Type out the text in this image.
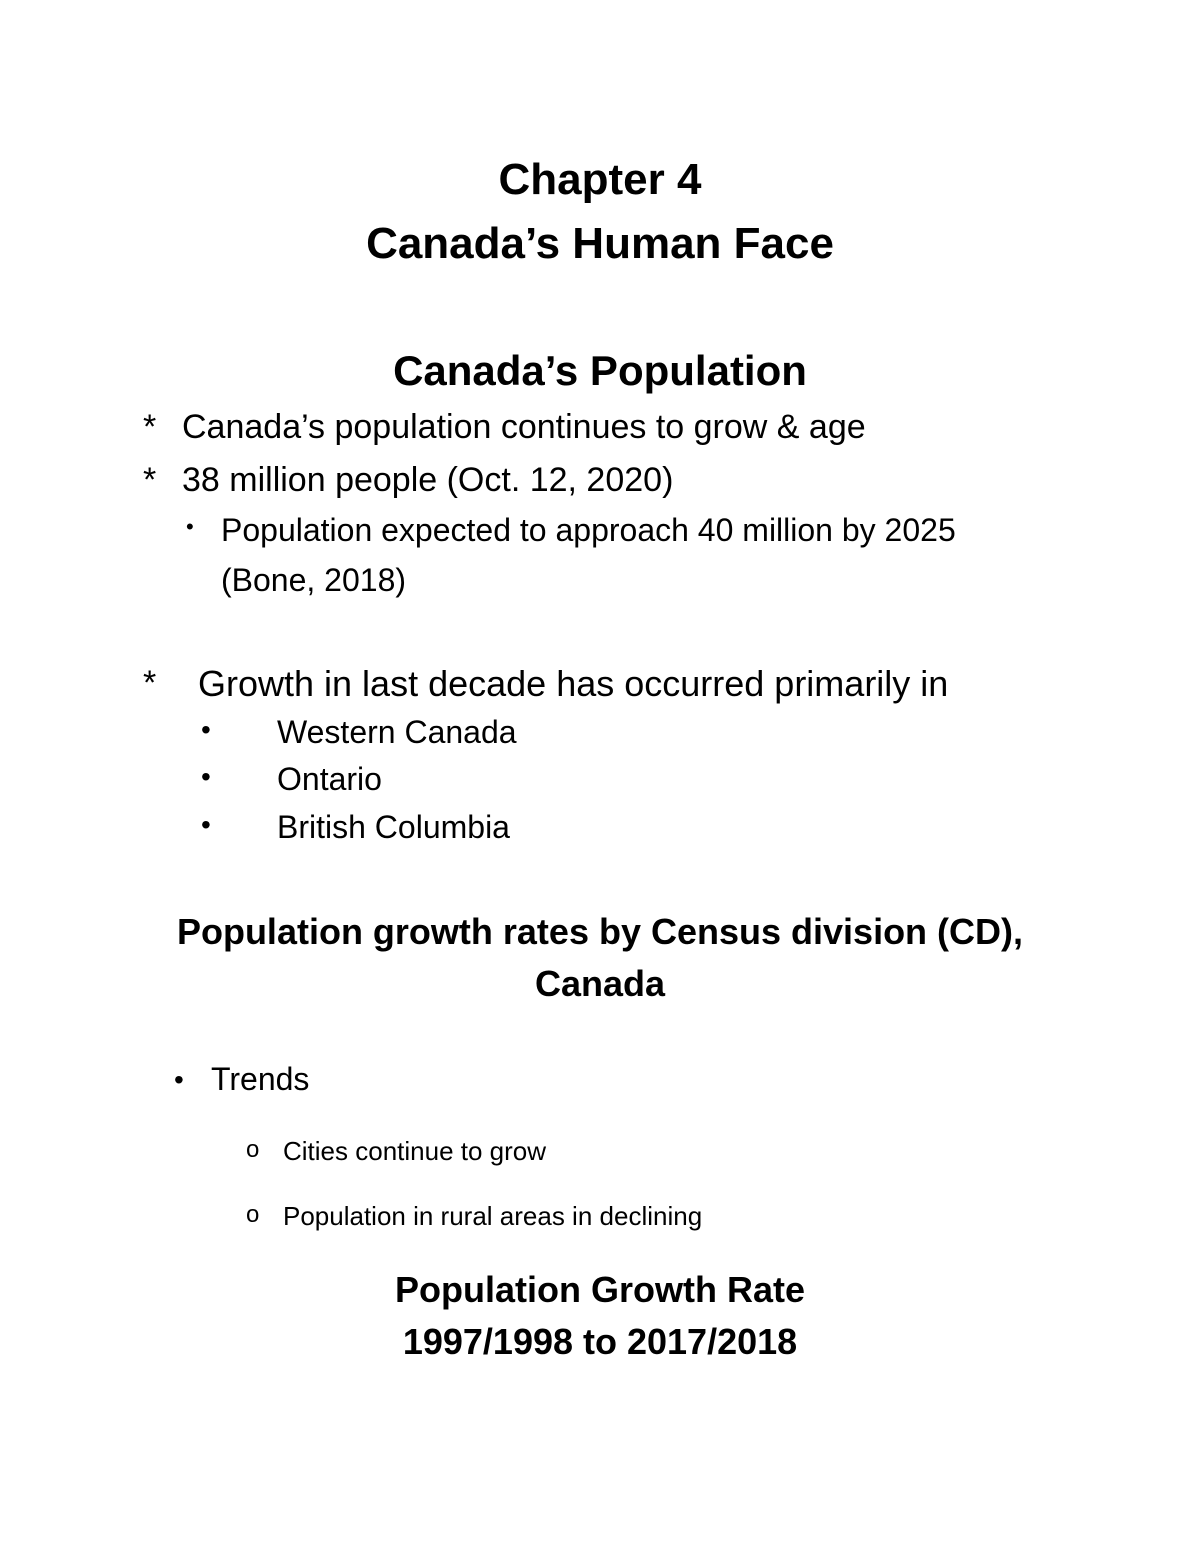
Chapter 4
Canada’s Human Face
Canada’s Population
* Canada’s population continues to grow & age
* 38 million people (Oct. 12, 2020)
• Population expected to approach 40 million by 2025
(Bone, 2018)
* Growth in last decade has occurred primarily in
• Western Canada
• Ontario
• British Columbia
Population growth rates by Census division (CD),
Canada
• Trends
o Cities continue to grow
o Population in rural areas in declining
Population Growth Rate
1997/1998 to 2017/2018
